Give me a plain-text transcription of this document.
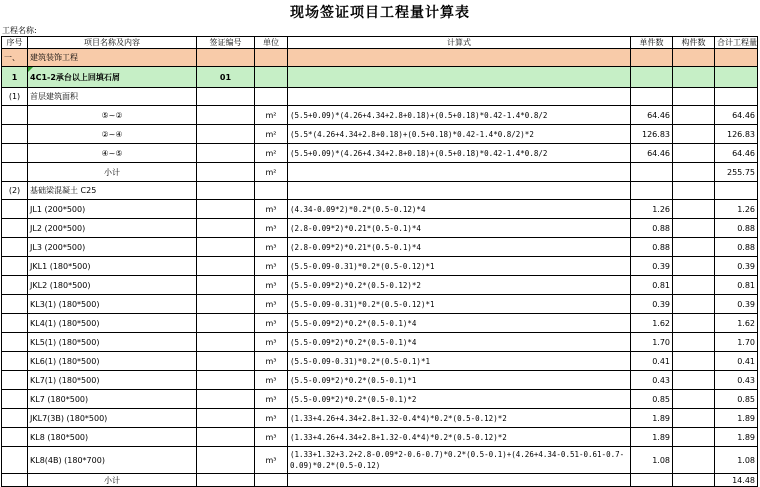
现场签证项目工程量计算表
工程名称:
序号	项目名称及内容	签证编号	单位	计算式	单件数	构件数	合计工程量
一、	建筑装饰工程						
1	4C1-2承台以上回填石屑	01					
(1)	首层建筑面积						
	⑤~②		m²	(5.5+0.09)*(4.26+4.34+2.8+0.18)+(0.5+0.18)*0.42-1.4*0.8/2	64.46		64.46
	②~④		m²	(5.5*(4.26+4.34+2.8+0.18)+(0.5+0.18)*0.42-1.4*0.8/2)*2	126.83		126.83
	④~⑤		m²	(5.5+0.09)*(4.26+4.34+2.8+0.18)+(0.5+0.18)*0.42-1.4*0.8/2	64.46		64.46
	小计		m²				255.75
(2)	基础梁混凝土 C25						
	JL1 (200*500)		m³	(4.34-0.09*2)*0.2*(0.5-0.12)*4	1.26		1.26
	JL2 (200*500)		m³	(2.8-0.09*2)*0.21*(0.5-0.1)*4	0.88		0.88
	JL3 (200*500)		m³	(2.8-0.09*2)*0.21*(0.5-0.1)*4	0.88		0.88
	JKL1 (180*500)		m³	(5.5-0.09-0.31)*0.2*(0.5-0.12)*1	0.39		0.39
	JKL2 (180*500)		m³	(5.5-0.09*2)*0.2*(0.5-0.12)*2	0.81		0.81
	KL3(1) (180*500)		m³	(5.5-0.09-0.31)*0.2*(0.5-0.12)*1	0.39		0.39
	KL4(1) (180*500)		m³	(5.5-0.09*2)*0.2*(0.5-0.1)*4	1.62		1.62
	KL5(1) (180*500)		m³	(5.5-0.09*2)*0.2*(0.5-0.1)*4	1.70		1.70
	KL6(1) (180*500)		m³	(5.5-0.09-0.31)*0.2*(0.5-0.1)*1	0.41		0.41
	KL7(1) (180*500)		m³	(5.5-0.09*2)*0.2*(0.5-0.1)*1	0.43		0.43
	KL7 (180*500)		m³	(5.5-0.09*2)*0.2*(0.5-0.1)*2	0.85		0.85
	JKL7(3B) (180*500)		m³	(1.33+4.26+4.34+2.8+1.32-0.4*4)*0.2*(0.5-0.12)*2	1.89		1.89
	KL8 (180*500)		m³	(1.33+4.26+4.34+2.8+1.32-0.4*4)*0.2*(0.5-0.12)*2	1.89		1.89
	KL8(4B) (180*700)		m³	(1.33+1.32+3.2+2.8-0.09*2-0.6-0.7)*0.2*(0.5-0.1)+(4.26+4.34-0.51-0.61-0.7-0.09)*0.2*(0.5-0.12)	1.08		1.08
	小计						14.48
